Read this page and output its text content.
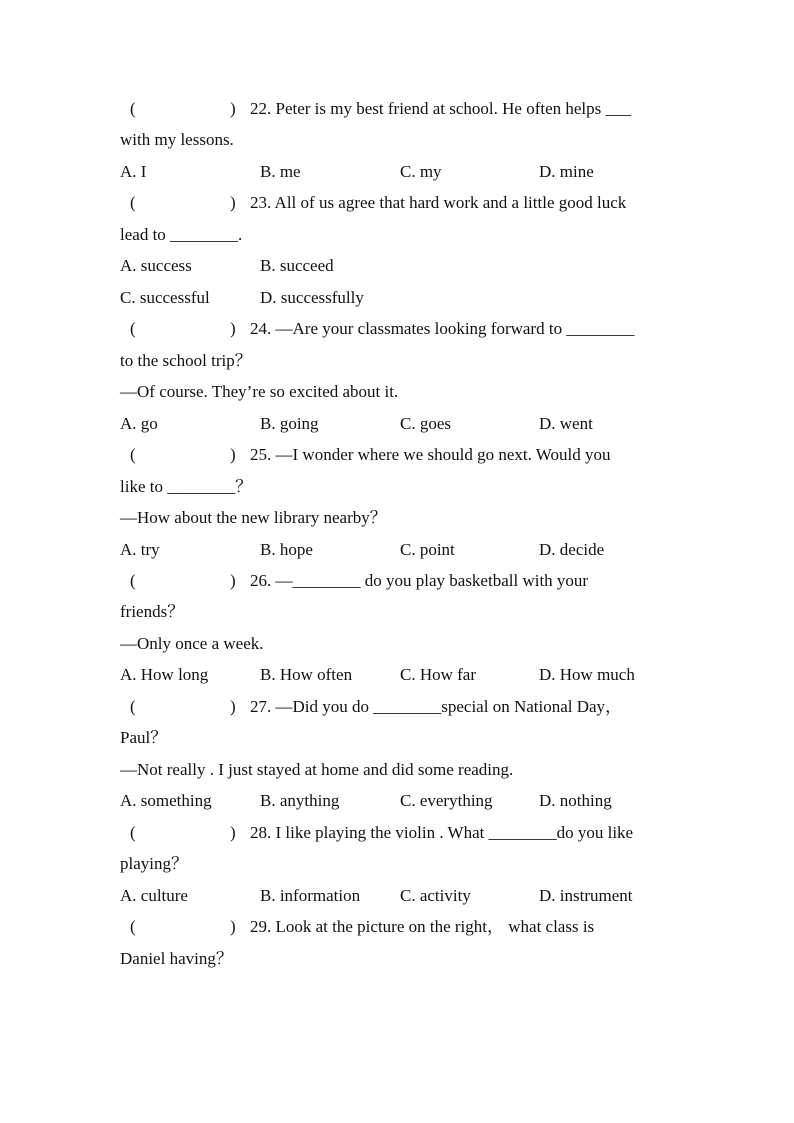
(	) 22. Peter is my best friend at school. He often helps ___
with my lessons.
A. I	B. me	C. my	D. mine
(	) 23. All of us agree that hard work and a little good luck
lead to ________.
A. success	B. succeed
C. successful	D. successfully
(	) 24. —Are your classmates looking forward to ________
to the school trip？
—Of course. They’re so excited about it.
A. go	B. going	C. goes	D. went
(	) 25. —I wonder where we should go next. Would you
like to ________？
—How about the new library nearby？
A. try	B. hope	C. point	D. decide
(	) 26. —________ do you play basketball with your
friends？
—Only once a week.
A. How long	B. How often	C. How far	D. How much
(	) 27. —Did you do ________special on National Day，
Paul？
—Not really . I just stayed at home and did some reading.
A. something	B. anything	C. everything	D. nothing
(	) 28. I like playing the violin . What ________do you like
playing？
A. culture	B. information C. activity	D. instrument
(	) 29. Look at the picture on the right， what class is
Daniel having？
